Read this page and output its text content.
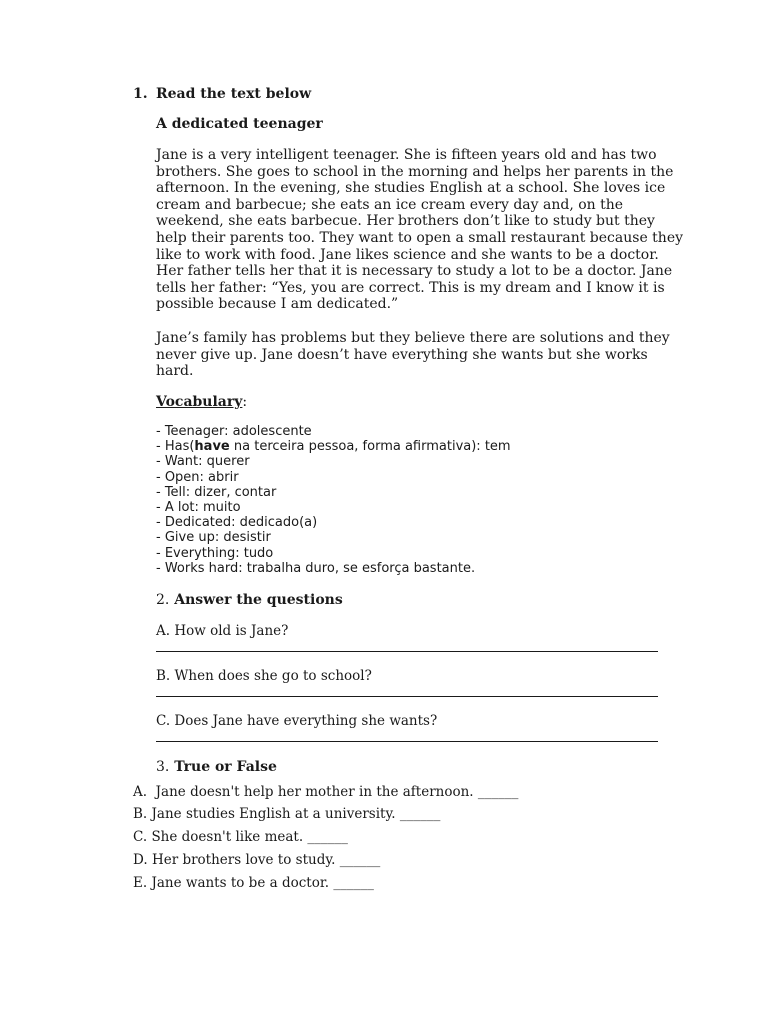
1. Read the text below
A dedicated teenager
Jane is a very intelligent teenager. She is fifteen years old and has two
brothers. She goes to school in the morning and helps her parents in the
afternoon. In the evening, she studies English at a school. She loves ice
cream and barbecue; she eats an ice cream every day and, on the
weekend, she eats barbecue. Her brothers don’t like to study but they
help their parents too. They want to open a small restaurant because they
like to work with food. Jane likes science and she wants to be a doctor.
Her father tells her that it is necessary to study a lot to be a doctor. Jane
tells her father: “Yes, you are correct. This is my dream and I know it is
possible because I am dedicated.”
Jane’s family has problems but they believe there are solutions and they
never give up. Jane doesn’t have everything she wants but she works
hard.
Vocabulary:
- Teenager: adolescente
- Has(have na terceira pessoa, forma afirmativa): tem
- Want: querer
- Open: abrir
- Tell: dizer, contar
- A lot: muito
- Dedicated: dedicado(a)
- Give up: desistir
- Everything: tudo
- Works hard: trabalha duro, se esforça bastante.
2. Answer the questions
A. How old is Jane?
B. When does she go to school?
C. Does Jane have everything she wants?
3. True or False
A. Jane doesn't help her mother in the afternoon. ______
B. Jane studies English at a university. ______
C. She doesn't like meat. ______
D. Her brothers love to study. ______
E. Jane wants to be a doctor. ______
